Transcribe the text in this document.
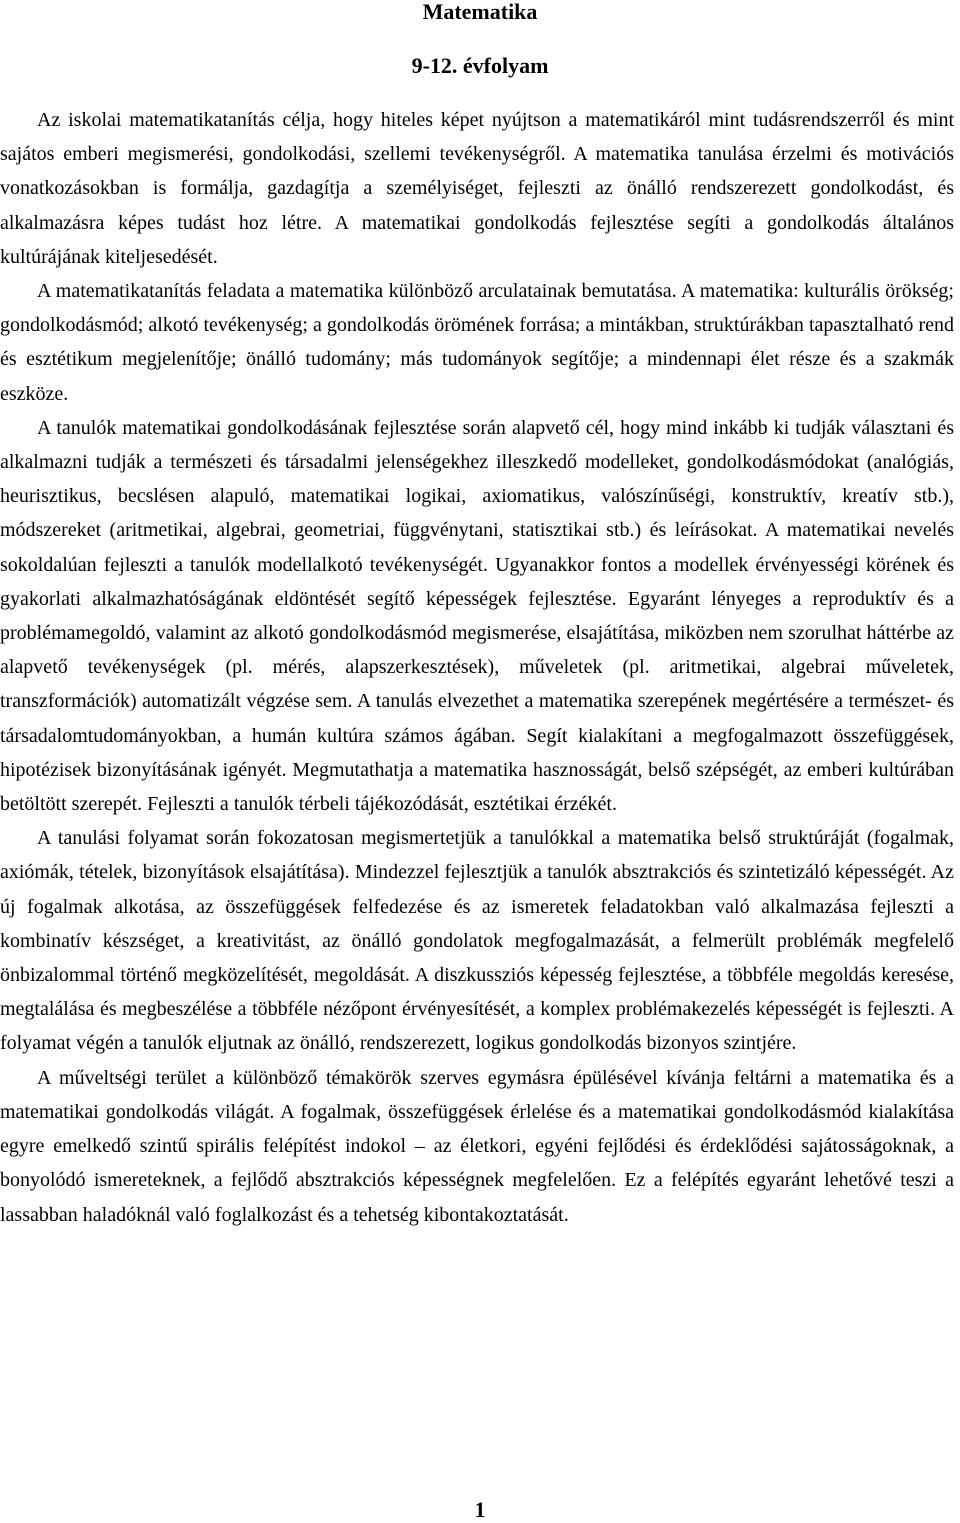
Matematika
9-12. évfolyam

Az iskolai matematikatanítás célja, hogy hiteles képet nyújtson a matematikáról mint tudásrendszerről és mint sajátos emberi megismerési, gondolkodási, szellemi tevékenységről. A matematika tanulása érzelmi és motivációs vonatkozásokban is formálja, gazdagítja a személyiséget, fejleszti az önálló rendszerezett gondolkodást, és alkalmazásra képes tudást hoz létre. A matematikai gondolkodás fejlesztése segíti a gondolkodás általános kultúrájának kiteljesedését.

A matematikatanítás feladata a matematika különböző arculatainak bemutatása. A matematika: kulturális örökség; gondolkodásmód; alkotó tevékenység; a gondolkodás örömének forrása; a mintákban, struktúrákban tapasztalható rend és esztétikum megjelenítője; önálló tudomány; más tudományok segítője; a mindennapi élet része és a szakmák eszköze.

A tanulók matematikai gondolkodásának fejlesztése során alapvető cél, hogy mind inkább ki tudják választani és alkalmazni tudják a természeti és társadalmi jelenségekhez illeszkedő modelleket, gondolkodásmódokat (analógiás, heurisztikus, becslésen alapuló, matematikai logikai, axiomatikus, valószínűségi, konstruktív, kreatív stb.), módszereket (aritmetikai, algebrai, geometriai, függvénytani, statisztikai stb.) és leírásokat. A matematikai nevelés sokoldalúan fejleszti a tanulók modellalkotó tevékenységét. Ugyanakkor fontos a modellek érvényességi körének és gyakorlati alkalmazhatóságának eldöntését segítő képességek fejlesztése. Egyaránt lényeges a reproduktív és a problémamegoldó, valamint az alkotó gondolkodásmód megismerése, elsajátítása, miközben nem szorulhat háttérbe az alapvető tevékenységek (pl. mérés, alapszerkesztések), műveletek (pl. aritmetikai, algebrai műveletek, transzformációk) automatizált végzése sem. A tanulás elvezethet a matematika szerepének megértésére a természet- és társadalomtudományokban, a humán kultúra számos ágában. Segít kialakítani a megfogalmazott összefüggések, hipotézisek bizonyításának igényét. Megmutathatja a matematika hasznosságát, belső szépségét, az emberi kultúrában betöltött szerepét. Fejleszti a tanulók térbeli tájékozódását, esztétikai érzékét.

A tanulási folyamat során fokozatosan megismertetjük a tanulókkal a matematika belső struktúráját (fogalmak, axiómák, tételek, bizonyítások elsajátítása). Mindezzel fejlesztjük a tanulók absztrakciós és szintetizáló képességét. Az új fogalmak alkotása, az összefüggések felfedezése és az ismeretek feladatokban való alkalmazása fejleszti a kombinatív készséget, a kreativitást, az önálló gondolatok megfogalmazását, a felmerült problémák megfelelő önbizalommal történő megközelítését, megoldását. A diszkussziós képesség fejlesztése, a többféle megoldás keresése, megtalálása és megbeszélése a többféle nézőpont érvényesítését, a komplex problémakezelés képességét is fejleszti. A folyamat végén a tanulók eljutnak az önálló, rendszerezett, logikus gondolkodás bizonyos szintjére.

A műveltségi terület a különböző témakörök szerves egymásra épülésével kívánja feltárni a matematika és a matematikai gondolkodás világát. A fogalmak, összefüggések érlelése és a matematikai gondolkodásmód kialakítása egyre emelkedő szintű spirális felépítést indokol – az életkori, egyéni fejlődési és érdeklődési sajátosságoknak, a bonyolódó ismereteknek, a fejlődő absztrakciós képességnek megfelelően. Ez a felépítés egyaránt lehetővé teszi a lassabban haladóknál való foglalkozást és a tehetség kibontakoztatását.

1
